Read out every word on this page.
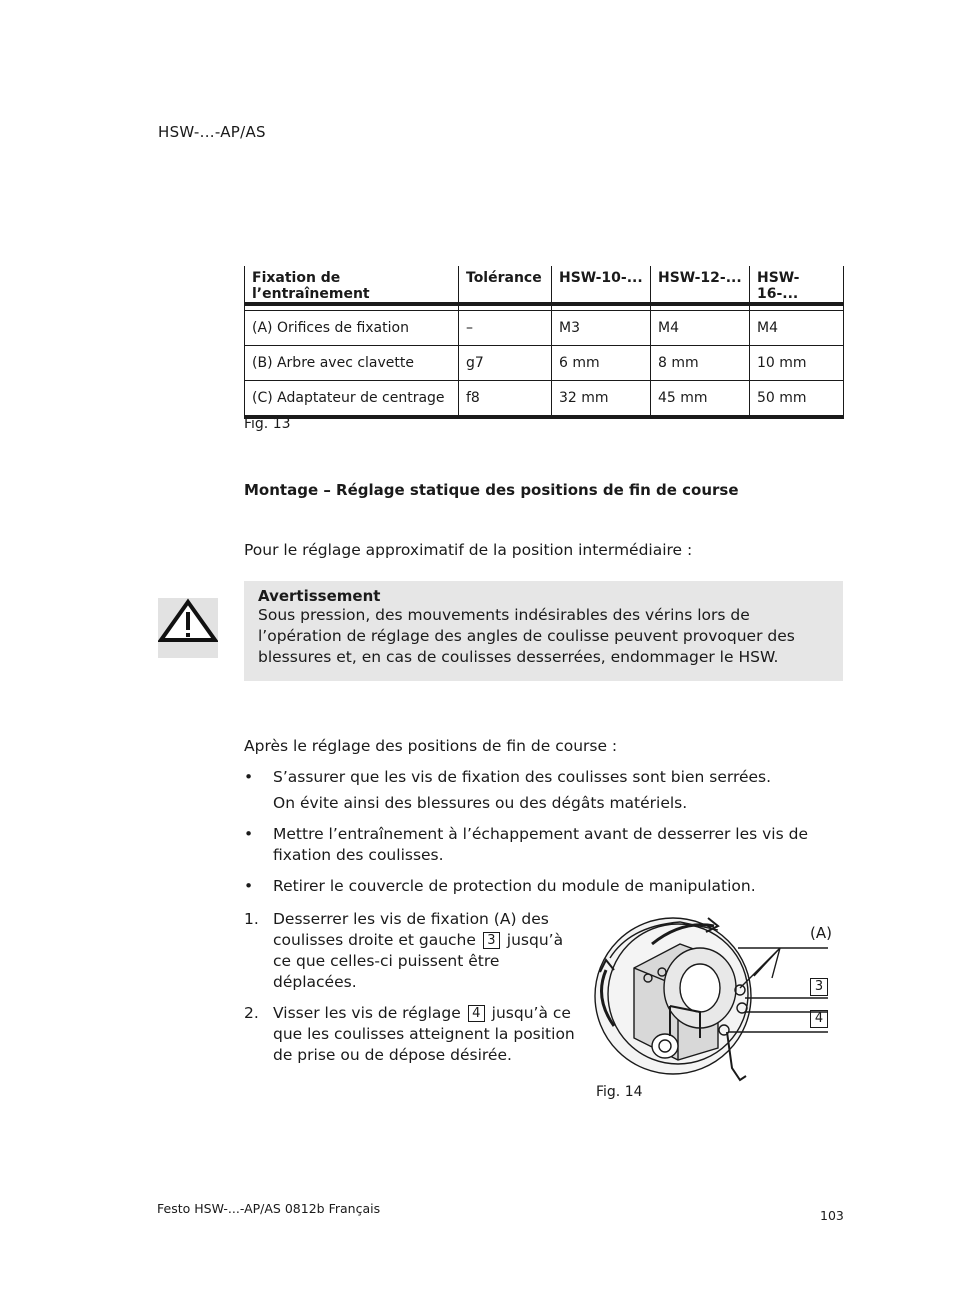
HSW-...-AP/AS
Fixation de l’entraînement	Tolérance	HSW-10-...	HSW-12-...	HSW-16-...

(A) Orifices de fixation	–	M3	M4	M4
(B) Arbre avec clavette	g7	6 mm	8 mm	10 mm
(C) Adaptateur de centrage	f8	32 mm	45 mm	50 mm
Fig. 13
Montage – Réglage statique des positions de fin de course
Pour le réglage approximatif de la position intermédiaire :
Avertissement
Sous pression, des mouvements indésirables des vérins lors de l’opération de réglage des angles de coulisse peuvent provoquer des blessures et, en cas de coulisses desserrées, endommager le HSW.
Après le réglage des positions de fin de course :
• S’assurer que les vis de fixation des coulisses sont bien serrées.
On évite ainsi des blessures ou des dégâts matériels.
• Mettre l’entraînement à l’échappement avant de desserrer les vis de fixation des coulisses.
• Retirer le couvercle de protection du module de manipulation.
1. Desserrer les vis de fixation (A) des coulisses droite et gauche 3 jusqu’à ce que celles-ci puissent être déplacées.
2. Visser les vis de réglage 4 jusqu’à ce que les coulisses atteignent la position de prise ou de dépose désirée.
(A)
3
4
Fig. 14
Festo HSW-...-AP/AS 0812b Français	103
